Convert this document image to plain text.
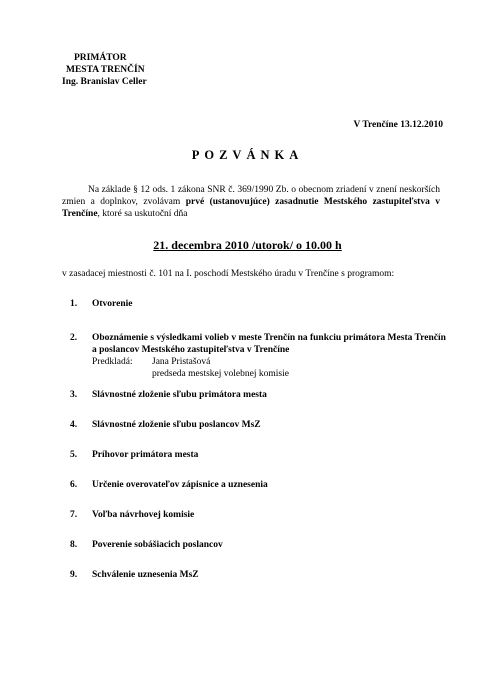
PRIMÁTOR
MESTA TRENČÍN
Ing. Branislav Celler
V Trenčíne 13.12.2010
POZVÁNKA
Na základe § 12 ods. 1 zákona SNR č. 369/1990 Zb. o obecnom zriadení v znení neskorších zmien a doplnkov, zvolávam prvé (ustanovujúce) zasadnutie Mestského zastupiteľstva v Trenčíne, ktoré sa uskutoční dňa
21. decembra 2010 /utorok/ o 10.00 h
v zasadacej miestnosti č. 101 na I. poschodí Mestského úradu v Trenčíne s programom:
1. Otvorenie
2. Oboznámenie s výsledkami volieb v meste Trenčín na funkciu primátora Mesta Trenčín a poslancov Mestského zastupiteľstva v Trenčíne
Predkladá: Jana Pristašová
predseda mestskej volebnej komisie
3. Slávnostné zloženie sľubu primátora mesta
4. Slávnostné zloženie sľubu poslancov MsZ
5. Príhovor primátora mesta
6. Určenie overovateľov zápisnice a uznesenia
7. Voľba návrhovej komisie
8. Poverenie sobášiacich poslancov
9. Schválenie uznesenia MsZ
